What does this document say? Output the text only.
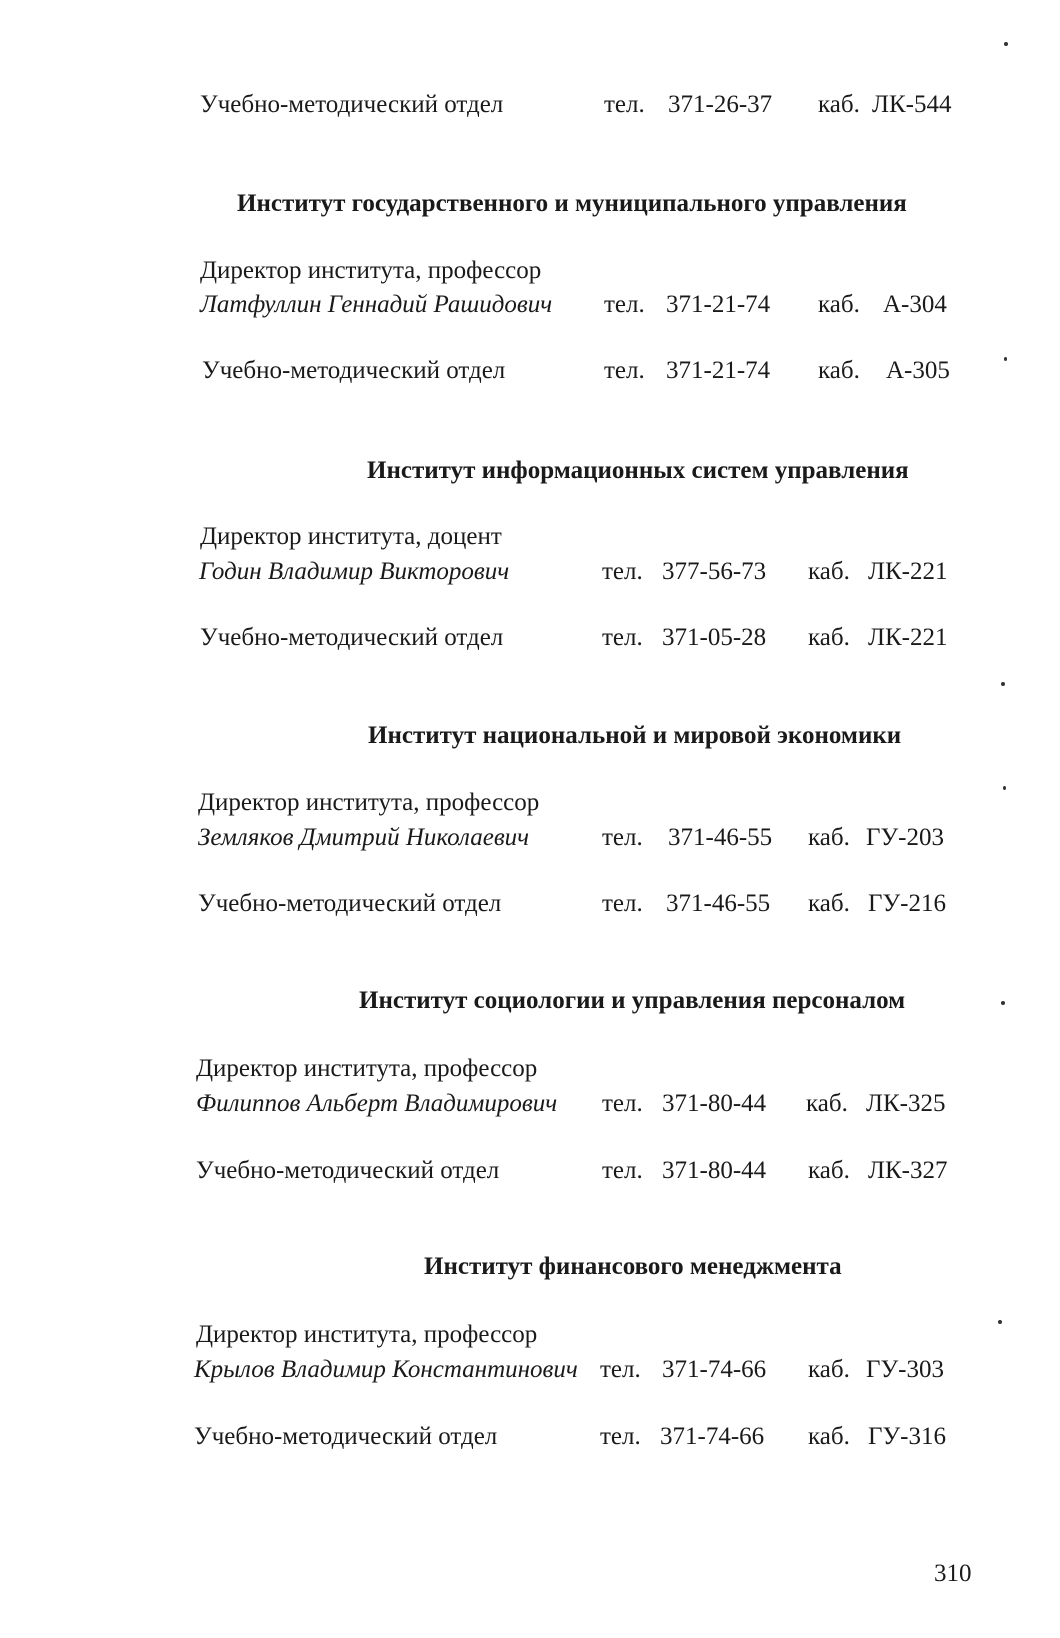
Учебно-методический отдел	тел. 371-26-37 каб. ЛК-544
Институт государственного и муниципального управления
Директор института, профессор
Латфуллин Геннадий Рашидович тел. 371-21-74 каб. А-304
Учебно-методический отдел	тел. 371-21-74 каб. А-305
Институт информационных систем управления
Директор института, доцент
Годин Владимир Викторович	тел. 377-56-73 каб. ЛК-221
Учебно-методический отдел	тел. 371-05-28 каб. ЛК-221
Институт национальной и мировой экономики
Директор института, профессор
Земляков Дмитрий Николаевич	тел. 371-46-55 каб. ГУ-203
Учебно-методический отдел	тел. 371-46-55 каб. ГУ-216
Институт социологии и управления персоналом
Директор института, профессор
Филиппов Альберт Владимирович тел. 371-80-44 каб. ЛК-325
Учебно-методический отдел	тел. 371-80-44 каб. ЛК-327
Институт финансового менеджмента
Директор института, профессор
Крылов Владимир Константинович тел. 371-74-66 каб. ГУ-303
Учебно-методический отдел	тел. 371-74-66 каб. ГУ-316
310
